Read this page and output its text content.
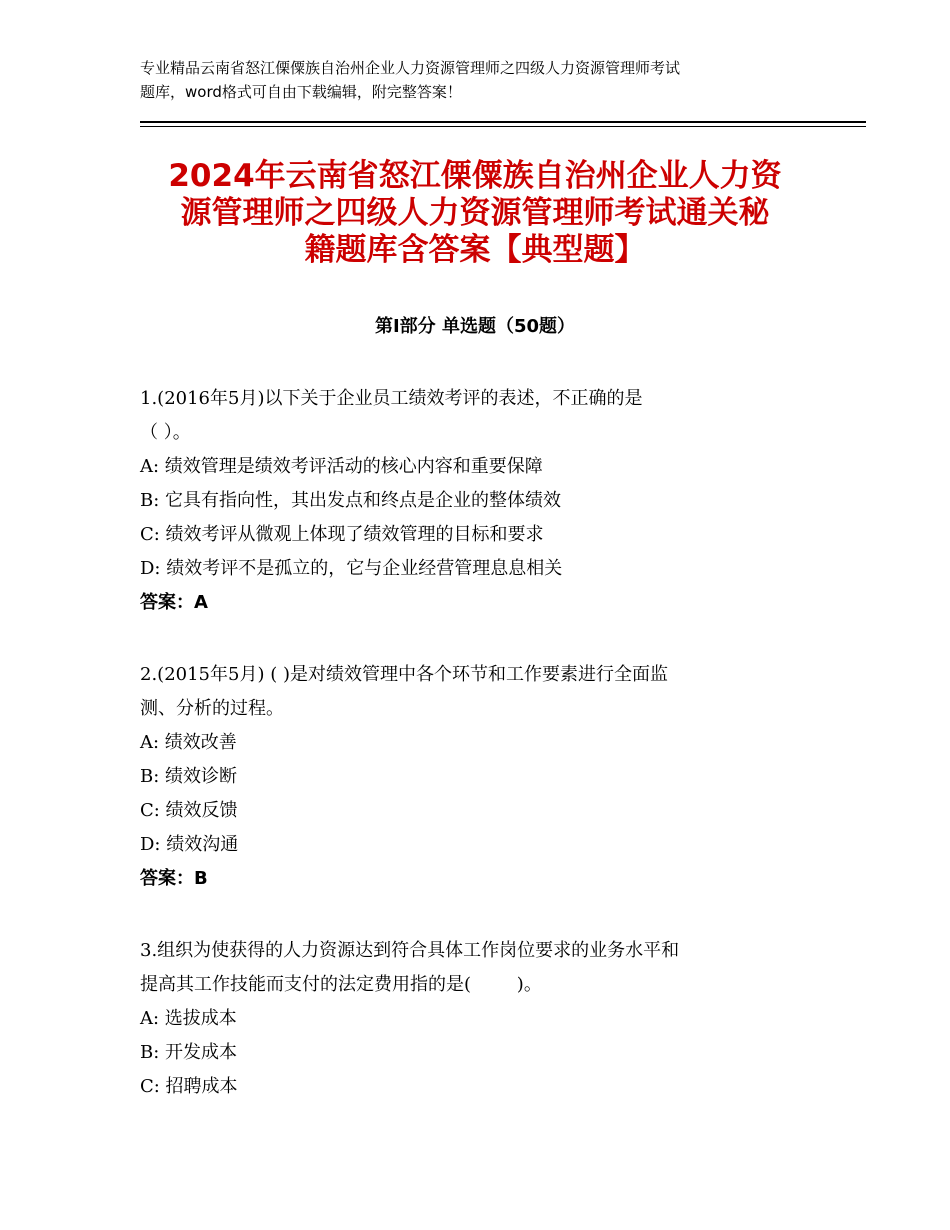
专业精品云南省怒江傈僳族自治州企业人力资源管理师之四级人力资源管理师考试
题库，word格式可自由下载编辑，附完整答案！
2024年云南省怒江傈僳族自治州企业人力资
源管理师之四级人力资源管理师考试通关秘
籍题库含答案【典型题】
第Ⅰ部分 单选题（50题）
1.(2016年5月)以下关于企业员工绩效考评的表述，不正确的是
（ ）。
A: 绩效管理是绩效考评活动的核心内容和重要保障
B: 它具有指向性，其出发点和终点是企业的整体绩效
C: 绩效考评从微观上体现了绩效管理的目标和要求
D: 绩效考评不是孤立的，它与企业经营管理息息相关
答案：A
2.(2015年5月) ( )是对绩效管理中各个环节和工作要素进行全面监
测、分析的过程。
A: 绩效改善
B: 绩效诊断
C: 绩效反馈
D: 绩效沟通
答案：B
3.组织为使获得的人力资源达到符合具体工作岗位要求的业务水平和
提高其工作技能而支付的法定费用指的是(        )。
A: 选拔成本
B: 开发成本
C: 招聘成本
